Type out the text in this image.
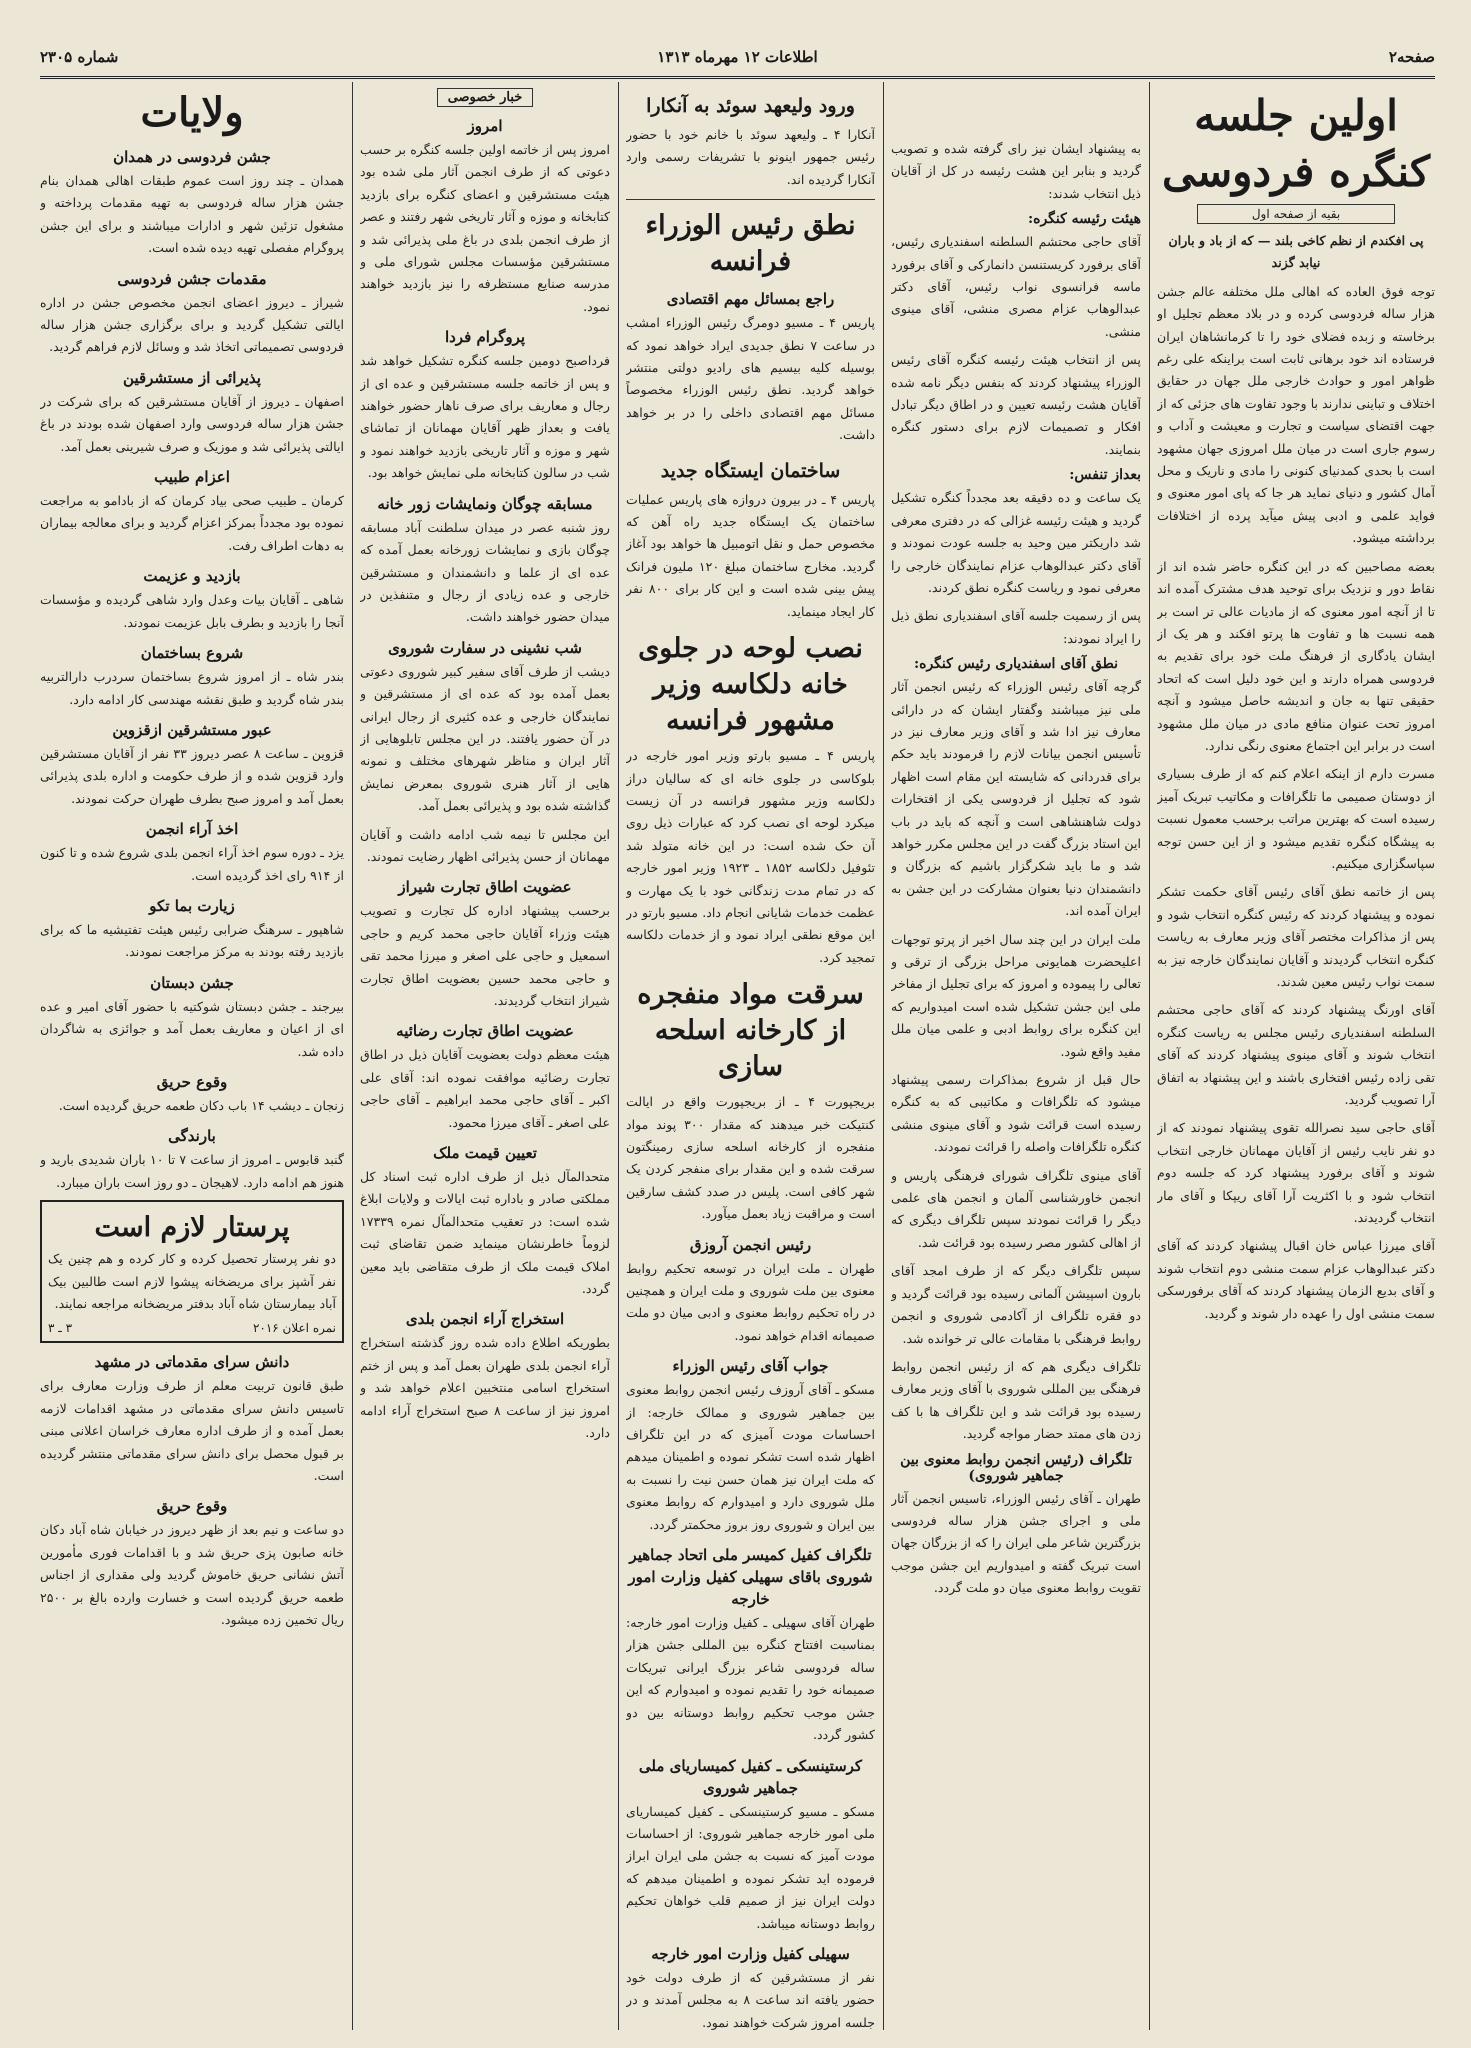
صفحه۲
اطلاعات ۱۲ مهرماه ۱۳۱۳
شماره ۲۳۰۵
اولین جلسه کنگره فردوسی
بقیه از صفحه اول

پی افکندم از نظم کاخی بلند — که از باد و باران نیابد گزند

توجه فوق العاده که اهالی ملل مختلفه عالم جشن هزار ساله فردوسی کرده و در بلاد معظم تجلیل او برخاسته و زبده فضلای خود را تا کرمانشاهان ایران فرستاده اند خود برهانی ثابت است براینکه علی رغم ظواهر امور و حوادث خارجی ملل جهان در حقایق اختلاف و تباینی ندارند با وجود تفاوت های جزئی که از جهت اقتضای سیاست و تجارت و معیشت و آداب و رسوم جاری است در میان ملل امروزی جهان مشهود است با بحدی کمدنیای کنونی را مادی و ناریک و محل آمال کشور و دنیای نماید هر جا که پای امور معنوی و فواید علمی و ادبی پیش میآید پرده از اختلافات برداشته میشود.

بعضه مصاحبین که در این کنگره حاضر شده اند از نقاط دور و نزدیک برای توحید هدف مشترک آمده اند تا از آنچه امور معنوی که از مادیات عالی تر است بر همه نسبت ها و تفاوت ها پرتو افکند و هر یک از ایشان یادگاری از فرهنگ ملت خود برای تقدیم به فردوسی همراه دارند و این خود دلیل است که اتحاد حقیقی تنها به جان و اندیشه حاصل میشود و آنچه امروز تحت عنوان منافع مادی در میان ملل مشهود است در برابر این اجتماع معنوی رنگی ندارد.

مسرت دارم از اینکه اعلام کنم که از طرف بسیاری از دوستان صمیمی ما تلگرافات و مکاتیب تبریک آمیز رسیده است که بهترین مراتب برحسب معمول نسبت به پیشگاه کنگره تقدیم میشود و از این حسن توجه سپاسگزاری میکنیم.

پس از خاتمه نطق آقای رئیس آقای حکمت تشکر نموده و پیشنهاد کردند که رئیس کنگره انتخاب شود و پس از مذاکرات مختصر آقای وزیر معارف به ریاست کنگره انتخاب گردیدند و آقایان نمایندگان خارجه نیز به سمت نواب رئیس معین شدند.

آقای اورنگ پیشنهاد کردند که آقای حاجی محتشم السلطنه اسفندیاری رئیس مجلس به ریاست کنگره انتخاب شوند و آقای مینوی پیشنهاد کردند که آقای تقی زاده رئیس افتخاری باشند و این پیشنهاد به اتفاق آرا تصویب گردید.

آقای حاجی سید نصرالله تقوی پیشنهاد نمودند که از دو نفر نایب رئیس از آقایان مهمانان خارجی انتخاب شوند و آقای برفورد پیشنهاد کرد که جلسه دوم انتخاب شود و با اکثریت آرا آقای ریپکا و آقای مار انتخاب گردیدند.

آقای میرزا عباس خان اقبال پیشنهاد کردند که آقای دکتر عبدالوهاب عزام سمت منشی دوم انتخاب شوند و آقای بدیع الزمان پیشنهاد کردند که آقای برفورسکی سمت منشی اول را عهده دار شوند و گردید.

به پیشنهاد ایشان نیز رای گرفته شده و تصویب گردید و بنابر این هشت رئیسه در کل از آقایان ذیل انتخاب شدند:

هیئت رئیسه کنگره:

آقای حاجی محتشم السلطنه اسفندیاری رئیس، آقای برفورد کریستنسن دانمارکی و آقای برفورد ماسه فرانسوی نواب رئیس، آقای دکتر عبدالوهاب عزام مصری منشی، آقای مینوی منشی.

پس از انتخاب هیئت رئیسه کنگره آقای رئیس الوزراء پیشنهاد کردند که بنفس دیگر نامه شده آقایان هشت رئیسه تعیین و در اطاق دیگر تبادل افکار و تصمیمات لازم برای دستور کنگره بنمایند.

بعداز تنفس:

یک ساعت و ده دقیقه بعد مجدداً کنگره تشکیل گردید و هیئت رئیسه غزالی که در دفتری معرفی شد داریکتر مین وحید به جلسه عودت نمودند و آقای دکتر عبدالوهاب عزام نمایندگان خارجی را معرفی نمود و ریاست کنگره نطق کردند.

پس از رسمیت جلسه آقای اسفندیاری نطق ذیل را ایراد نمودند:

نطق آقای اسفندیاری رئیس کنگره:

گرچه آقای رئیس الوزراء که رئیس انجمن آثار ملی نیز میباشند وگفتار ایشان که در دارائی معارف نیز ادا شد و آقای وزیر معارف نیز در تأسیس انجمن بیانات لازم را فرمودند باید حکم برای قدردانی که شایسته این مقام است اظهار شود که تجلیل از فردوسی یکی از افتخارات دولت شاهنشاهی است و آنچه که باید در باب این استاد بزرگ گفت در این مجلس مکرر خواهد شد و ما باید شکرگزار باشیم که بزرگان و دانشمندان دنیا بعنوان مشارکت در این جشن به ایران آمده اند.

ملت ایران در این چند سال اخیر از پرتو توجهات اعلیحضرت همایونی مراحل بزرگی از ترقی و تعالی را پیموده و امروز که برای تجلیل از مفاخر ملی این جشن تشکیل شده است امیدواریم که این کنگره برای روابط ادبی و علمی میان ملل مفید واقع شود.

حال قبل از شروع بمذاکرات رسمی پیشنهاد میشود که تلگرافات و مکاتیبی که به کنگره رسیده است قرائت شود و آقای مینوی منشی کنگره تلگرافات واصله را قرائت نمودند.

آقای مینوی تلگراف شورای فرهنگی پاریس و انجمن خاورشناسی آلمان و انجمن های علمی دیگر را قرائت نمودند سپس تلگراف دیگری که از اهالی کشور مصر رسیده بود قرائت شد.

سپس تلگراف دیگر که از طرف امجد آقای بارون اسپیشن آلمانی رسیده بود قرائت گردید و دو فقره تلگراف از آکادمی شوروی و انجمن روابط فرهنگی با مقامات عالی تر خوانده شد.

تلگراف دیگری هم که از رئیس انجمن روابط فرهنگی بین المللی شوروی با آقای وزیر معارف رسیده بود قرائت شد و این تلگراف ها با کف زدن های ممتد حضار مواجه گردید.

تلگراف (رئیس انجمن روابط معنوی بین جماهیر شوروی)

طهران ـ آقای رئیس الوزراء، تاسیس انجمن آثار ملی و اجرای جشن هزار ساله فردوسی بزرگترین شاعر ملی ایران را که از بزرگان جهان است تبریک گفته و امیدواریم این جشن موجب تقویت روابط معنوی میان دو ملت گردد.

ورود ولیعهد سوئد به آنکارا

آنکارا ۴ ـ ولیعهد سوئد با خانم خود با حضور رئیس جمهور اینونو با تشریفات رسمی وارد آنکارا گردیده اند.

نطق رئیس الوزراء فرانسه
راجع بمسائل مهم اقتصادی

پاریس ۴ ـ مسیو دومرگ رئیس الوزراء امشب در ساعت ۷ نطق جدیدی ایراد خواهد نمود که بوسیله کلیه بیسیم های رادیو دولتی منتشر خواهد گردید. نطق رئیس الوزراء مخصوصاً مسائل مهم اقتصادی داخلی را در بر خواهد داشت.

ساختمان ایستگاه جدید

پاریس ۴ ـ در بیرون دروازه های پاریس عملیات ساختمان یک ایستگاه جدید راه آهن که مخصوص حمل و نقل اتومبیل ها خواهد بود آغاز گردید. مخارج ساختمان مبلغ ۱۲۰ ملیون فرانک پیش بینی شده است و این کار برای ۸۰۰ نفر کار ایجاد مینماید.

نصب لوحه در جلوی خانه دلکاسه وزیر مشهور فرانسه

پاریس ۴ ـ مسیو بارتو وزیر امور خارجه در بلوکاسی در جلوی خانه ای که سالیان دراز دلکاسه وزیر مشهور فرانسه در آن زیست میکرد لوحه ای نصب کرد که عبارات ذیل روی آن حک شده است: در این خانه متولد شد تئوفیل دلکاسه ۱۸۵۲ ـ ۱۹۲۳ وزیر امور خارجه که در تمام مدت زندگانی خود با یک مهارت و عظمت خدمات شایانی انجام داد. مسیو بارتو در این موقع نطقی ایراد نمود و از خدمات دلکاسه تمجید کرد.

سرقت مواد منفجره از کارخانه اسلحه سازی

بریجپورت ۴ ـ از بریجپورت واقع در ایالت کنتیکت خبر میدهند که مقدار ۳۰۰ پوند مواد منفجره از کارخانه اسلحه سازی رمینگتون سرقت شده و این مقدار برای منفجر کردن یک شهر کافی است. پلیس در صدد کشف سارقین است و مراقبت زیاد بعمل میآورد.

رئیس انجمن آروزق

طهران ـ ملت ایران در توسعه تحکیم روابط معنوی بین ملت شوروی و ملت ایران و همچنین در راه تحکیم روابط معنوی و ادبی میان دو ملت صمیمانه اقدام خواهد نمود.

جواب آقای رئیس الوزراء

مسکو ـ آقای آروزف رئیس انجمن روابط معنوی بین جماهیر شوروی و ممالک خارجه: از احساسات مودت آمیزی که در این تلگراف اظهار شده است تشکر نموده و اطمینان میدهم که ملت ایران نیز همان حسن نیت را نسبت به ملل شوروی دارد و امیدوارم که روابط معنوی بین ایران و شوروی روز بروز محکمتر گردد.

تلگراف کفیل کمیسر ملی اتحاد جماهیر شوروی باقای سهیلی کفیل وزارت امور خارجه

طهران آقای سهیلی ـ کفیل وزارت امور خارجه: بمناسبت افتتاح کنگره بین المللی جشن هزار ساله فردوسی شاعر بزرگ ایرانی تبریکات صمیمانه خود را تقدیم نموده و امیدوارم که این جشن موجب تحکیم روابط دوستانه بین دو کشور گردد.

کرستینسکی ـ کفیل کمیساریای ملی جماهیر شوروی

مسکو ـ مسیو کرستینسکی ـ کفیل کمیساریای ملی امور خارجه جماهیر شوروی: از احساسات مودت آمیز که نسبت به جشن ملی ایران ابراز فرموده اید تشکر نموده و اطمینان میدهم که دولت ایران نیز از صمیم قلب خواهان تحکیم روابط دوستانه میباشد.

سهیلی کفیل وزارت امور خارجه

نفر از مستشرقین که از طرف دولت خود حضور یافته اند ساعت ۸ به مجلس آمدند و در جلسه امروز شرکت خواهند نمود.

خبار خصوصی
امروز

امروز پس از خاتمه اولین جلسه کنگره بر حسب دعوتی که از طرف انجمن آثار ملی شده بود هیئت مستشرقین و اعضای کنگره برای بازدید کتابخانه و موزه و آثار تاریخی شهر رفتند و عصر از طرف انجمن بلدی در باغ ملی پذیرائی شد و مستشرقین مؤسسات مجلس شورای ملی و مدرسه صنایع مستظرفه را نیز بازدید خواهند نمود.

پروگرام فردا

فرداصبح دومین جلسه کنگره تشکیل خواهد شد و پس از خاتمه جلسه مستشرقین و عده ای از رجال و معاریف برای صرف ناهار حضور خواهند یافت و بعداز ظهر آقایان مهمانان از تماشای شهر و موزه و آثار تاریخی بازدید خواهند نمود و شب در سالون کتابخانه ملی نمایش خواهد بود.

مسابقه چوگان ونمایشات زور خانه

روز شنبه عصر در میدان سلطنت آباد مسابقه چوگان بازی و نمایشات زورخانه بعمل آمده که عده ای از علما و دانشمندان و مستشرقین خارجی و عده زیادی از رجال و متنفذین در میدان حضور خواهند داشت.

شب نشینی در سفارت شوروی

دیشب از طرف آقای سفیر کبیر شوروی دعوتی بعمل آمده بود که عده ای از مستشرقین و نمایندگان خارجی و عده کثیری از رجال ایرانی در آن حضور یافتند. در این مجلس تابلوهایی از آثار ایران و مناظر شهرهای مختلف و نمونه هایی از آثار هنری شوروی بمعرض نمایش گذاشته شده بود و پذیرائی بعمل آمد.

این مجلس تا نیمه شب ادامه داشت و آقایان مهمانان از حسن پذیرائی اظهار رضایت نمودند.

عضویت اطاق تجارت شیراز

برحسب پیشنهاد اداره کل تجارت و تصویب هیئت وزراء آقایان حاجی محمد کریم و حاجی اسمعیل و حاجی علی اصغر و میرزا محمد تقی و حاجی محمد حسین بعضویت اطاق تجارت شیراز انتخاب گردیدند.

عضویت اطاق تجارت رضائیه

هیئت معظم دولت بعضویت آقایان ذیل در اطاق تجارت رضائیه موافقت نموده اند: آقای علی اکبر ـ آقای حاجی محمد ابراهیم ـ آقای حاجی علی اصغر ـ آقای میرزا محمود.

تعیین قیمت ملک

متحدالمآل ذیل از طرف اداره ثبت اسناد کل مملکتی صادر و باداره ثبت ایالات و ولایات ابلاغ شده است: در تعقیب متحدالمآل نمره ۱۷۳۳۹ لزوماً خاطرنشان مینماید ضمن تقاضای ثبت املاک قیمت ملک از طرف متقاضی باید معین گردد.

استخراج آراء انجمن بلدی

بطوریکه اطلاع داده شده روز گذشته استخراج آراء انجمن بلدی طهران بعمل آمد و پس از ختم استخراج اسامی منتخبین اعلام خواهد شد و امروز نیز از ساعت ۸ صبح استخراج آراء ادامه دارد.

ولایات
جشن فردوسی در همدان

همدان ـ چند روز است عموم طبقات اهالی همدان بنام جشن هزار ساله فردوسی به تهیه مقدمات پرداخته و مشغول تزئین شهر و ادارات میباشند و برای این جشن پروگرام مفصلی تهیه دیده شده است.

مقدمات جشن فردوسی

شیراز ـ دیروز اعضای انجمن مخصوص جشن در اداره ایالتی تشکیل گردید و برای برگزاری جشن هزار ساله فردوسی تصمیماتی اتخاذ شد و وسائل لازم فراهم گردید.

پذیرائی از مستشرقین

اصفهان ـ دیروز از آقایان مستشرقین که برای شرکت در جشن هزار ساله فردوسی وارد اصفهان شده بودند در باغ ایالتی پذیرائی شد و موزیک و صرف شیرینی بعمل آمد.

اعزام طبیب

کرمان ـ طبیب صحی بیاد کرمان که از بادامو به مراجعت نموده بود مجدداً بمرکز اعزام گردید و برای معالجه بیماران به دهات اطراف رفت.

بازدید و عزیمت

شاهی ـ آقایان بیات وعدل وارد شاهی گردیده و مؤسسات آنجا را بازدید و بطرف بابل عزیمت نمودند.

شروع بساختمان

بندر شاه ـ از امروز شروع بساختمان سردرب دارالتربیه بندر شاه گردید و طبق نقشه مهندسی کار ادامه دارد.

عبور مستشرقین ازقزوین

قزوین ـ ساعت ۸ عصر دیروز ۳۳ نفر از آقایان مستشرقین وارد قزوین شده و از طرف حکومت و اداره بلدی پذیرائی بعمل آمد و امروز صبح بطرف طهران حرکت نمودند.

اخذ آراء انجمن

یزد ـ دوره سوم اخذ آراء انجمن بلدی شروع شده و تا کنون از ۹۱۴ رای اخذ گردیده است.

زیارت بما تکو

شاهپور ـ سرهنگ ضرابی رئیس هیئت تفتیشیه ما که برای بازدید رفته بودند به مرکز مراجعت نمودند.

جشن دبستان

بیرجند ـ جشن دبستان شوکتیه با حضور آقای امیر و عده ای از اعیان و معاریف بعمل آمد و جوائزی به شاگردان داده شد.

وقوع حریق

زنجان ـ دیشب ۱۴ باب دکان طعمه حریق گردیده است.

بارندگی

گنبد قابوس ـ امروز از ساعت ۷ تا ۱۰ باران شدیدی بارید و هنوز هم ادامه دارد. لاهیجان ـ دو روز است باران میبارد.

پرستار لازم است

دو نفر پرستار تحصیل کرده و کار کرده و هم چنین یک نفر آشپز برای مریضخانه پیشوا لازم است طالبین بیک آباد بیمارستان شاه آباد بدفتر مریضخانه مراجعه نمایند.

نمره اعلان ۲۰۱۶
۳ ـ ۳
دانش سرای مقدماتی در مشهد

طبق قانون تربیت معلم از طرف وزارت معارف برای تاسیس دانش سرای مقدماتی در مشهد اقدامات لازمه بعمل آمده و از طرف اداره معارف خراسان اعلانی مبنی بر قبول محصل برای دانش سرای مقدماتی منتشر گردیده است.

وقوع حریق

دو ساعت و نیم بعد از ظهر دیروز در خیابان شاه آباد دکان خانه صابون پزی حریق شد و با اقدامات فوری مأمورین آتش نشانی حریق خاموش گردید ولی مقداری از اجناس طعمه حریق گردیده است و خسارت وارده بالغ بر ۲۵۰۰ ریال تخمین زده میشود.
